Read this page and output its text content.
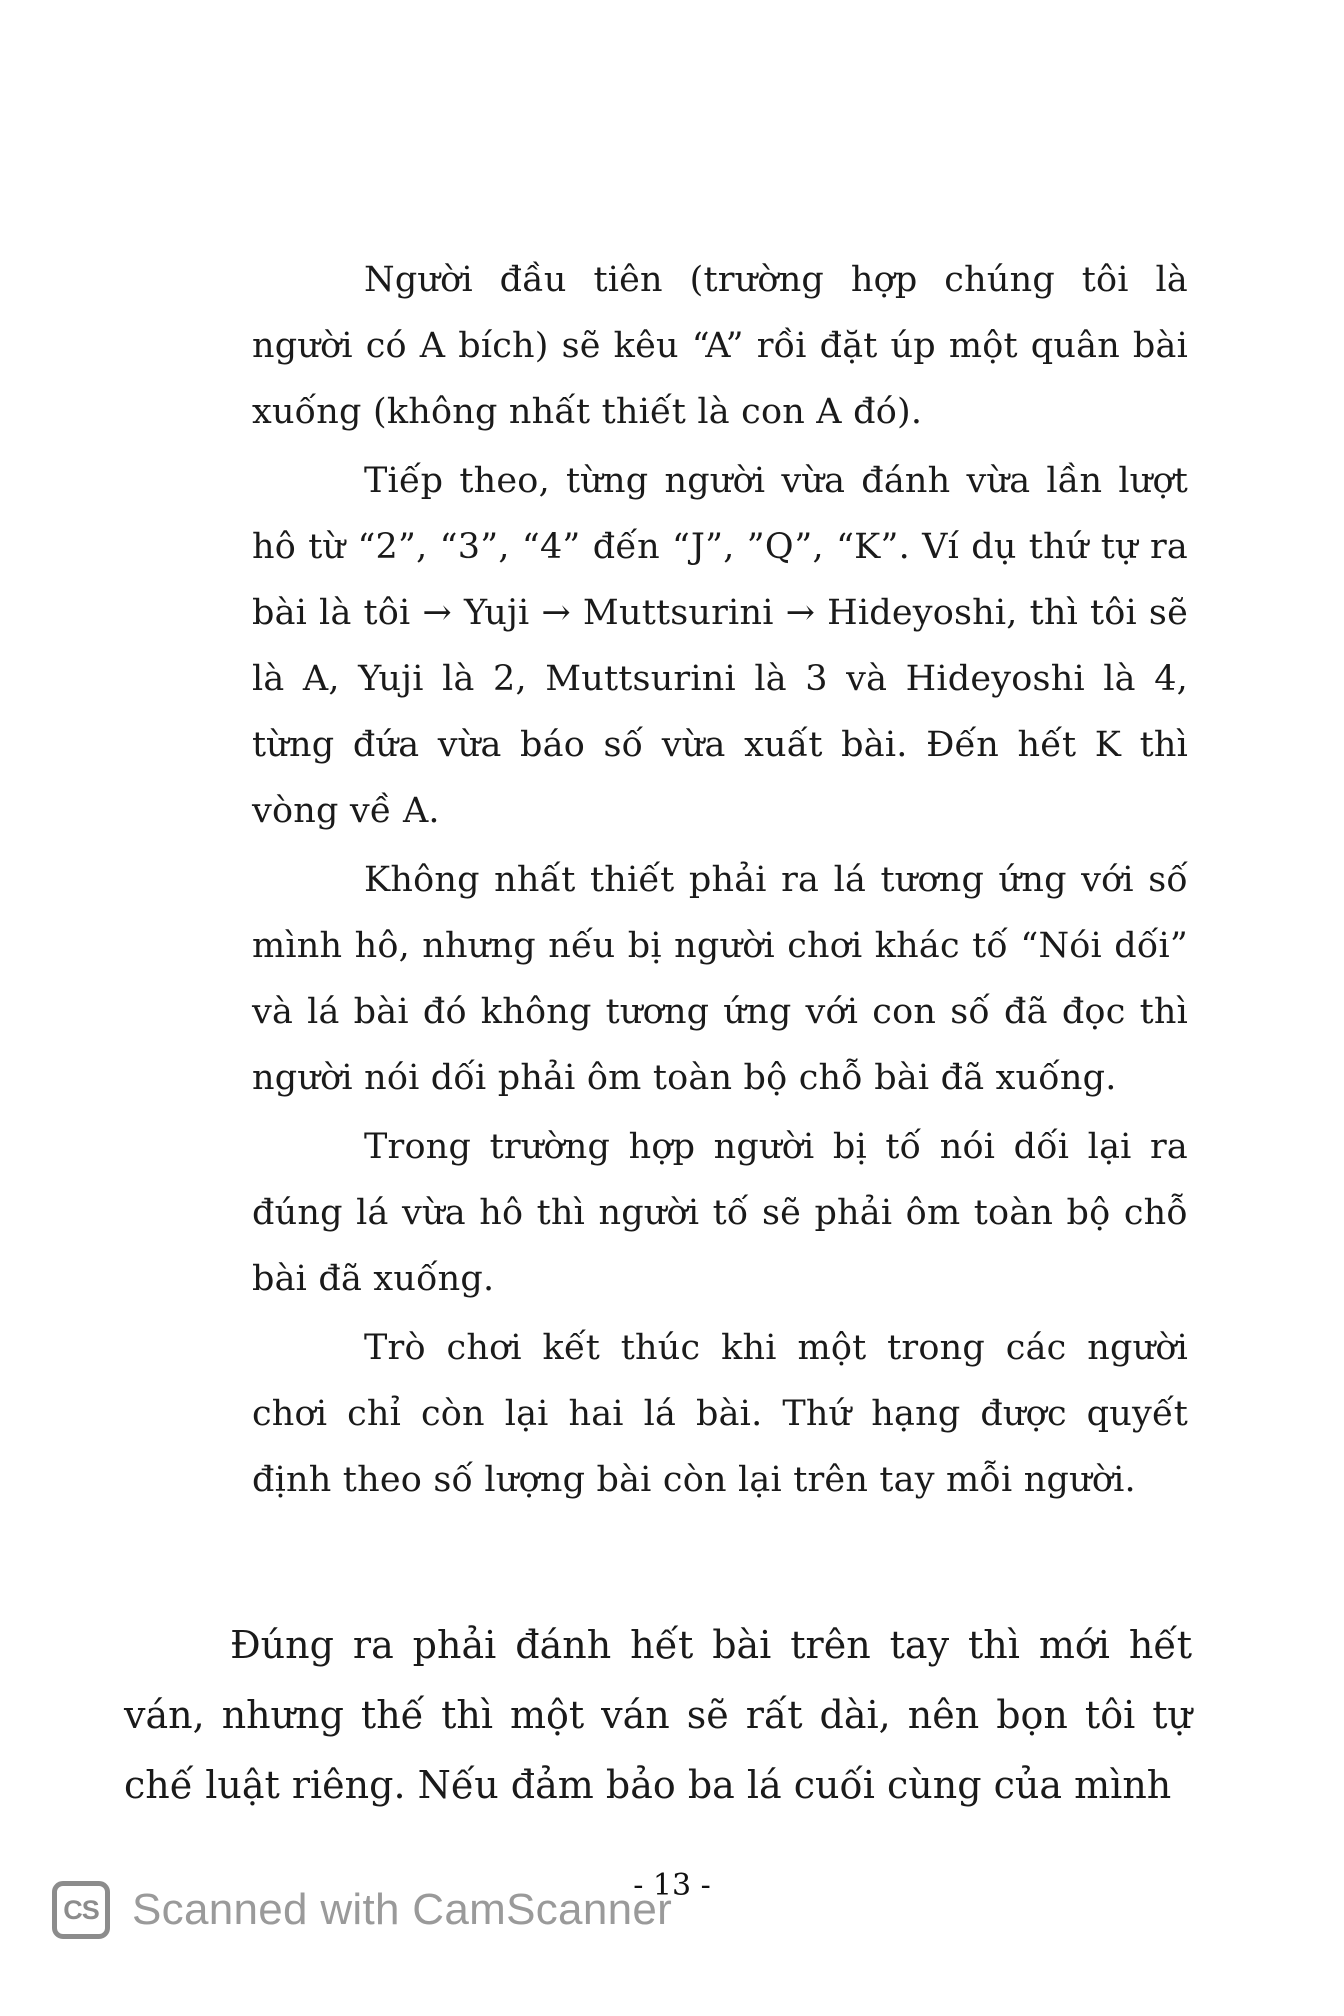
Người đầu tiên (trường hợp chúng tôi là người có A bích) sẽ kêu “A” rồi đặt úp một quân bài xuống (không nhất thiết là con A đó).

Tiếp theo, từng người vừa đánh vừa lần lượt hô từ “2”, “3”, “4” đến “J”, ”Q”, “K”. Ví dụ thứ tự ra bài là tôi → Yuji → Muttsurini → Hideyoshi, thì tôi sẽ là A, Yuji là 2, Muttsurini là 3 và Hideyoshi là 4, từng đứa vừa báo số vừa xuất bài. Đến hết K thì vòng về A.

Không nhất thiết phải ra lá tương ứng với số mình hô, nhưng nếu bị người chơi khác tố “Nói dối” và lá bài đó không tương ứng với con số đã đọc thì người nói dối phải ôm toàn bộ chỗ bài đã xuống.

Trong trường hợp người bị tố nói dối lại ra đúng lá vừa hô thì người tố sẽ phải ôm toàn bộ chỗ bài đã xuống.

Trò chơi kết thúc khi một trong các người chơi chỉ còn lại hai lá bài. Thứ hạng được quyết định theo số lượng bài còn lại trên tay mỗi người.

Đúng ra phải đánh hết bài trên tay thì mới hết ván, nhưng thế thì một ván sẽ rất dài, nên bọn tôi tự chế luật riêng. Nếu đảm bảo ba lá cuối cùng của mình

- 13 -
CS Scanned with CamScanner
